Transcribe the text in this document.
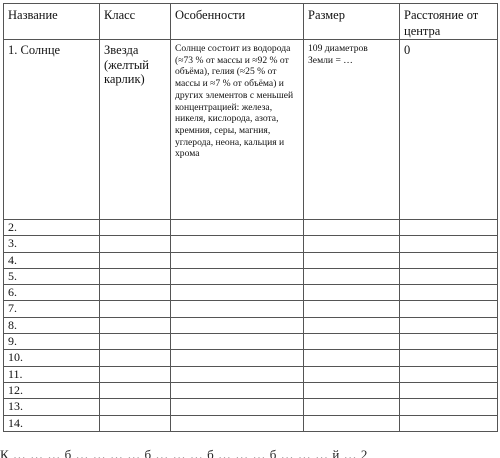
Название	Класс	Особенности	Размер	Расстояние от центра
1. Солнце	Звезда (желтый карлик)	Солнце состоит из водорода (≈73 % от массы и ≈92 % от объёма), гелия (≈25 % от массы и ≈7 % от объёма) и других элементов с меньшей концентрацией: железа, никеля, кислорода, азота, кремния, серы, магния, углерода, неона, кальция и хрома	109 диаметров Земли = …	0
2.				
3.				
4.				
5.				
6.				
7.				
8.				
9.				
10.				
11.				
12.				
13.				
14.				
К … … … б … … … … б … … … б … … … б … … … й … 2
